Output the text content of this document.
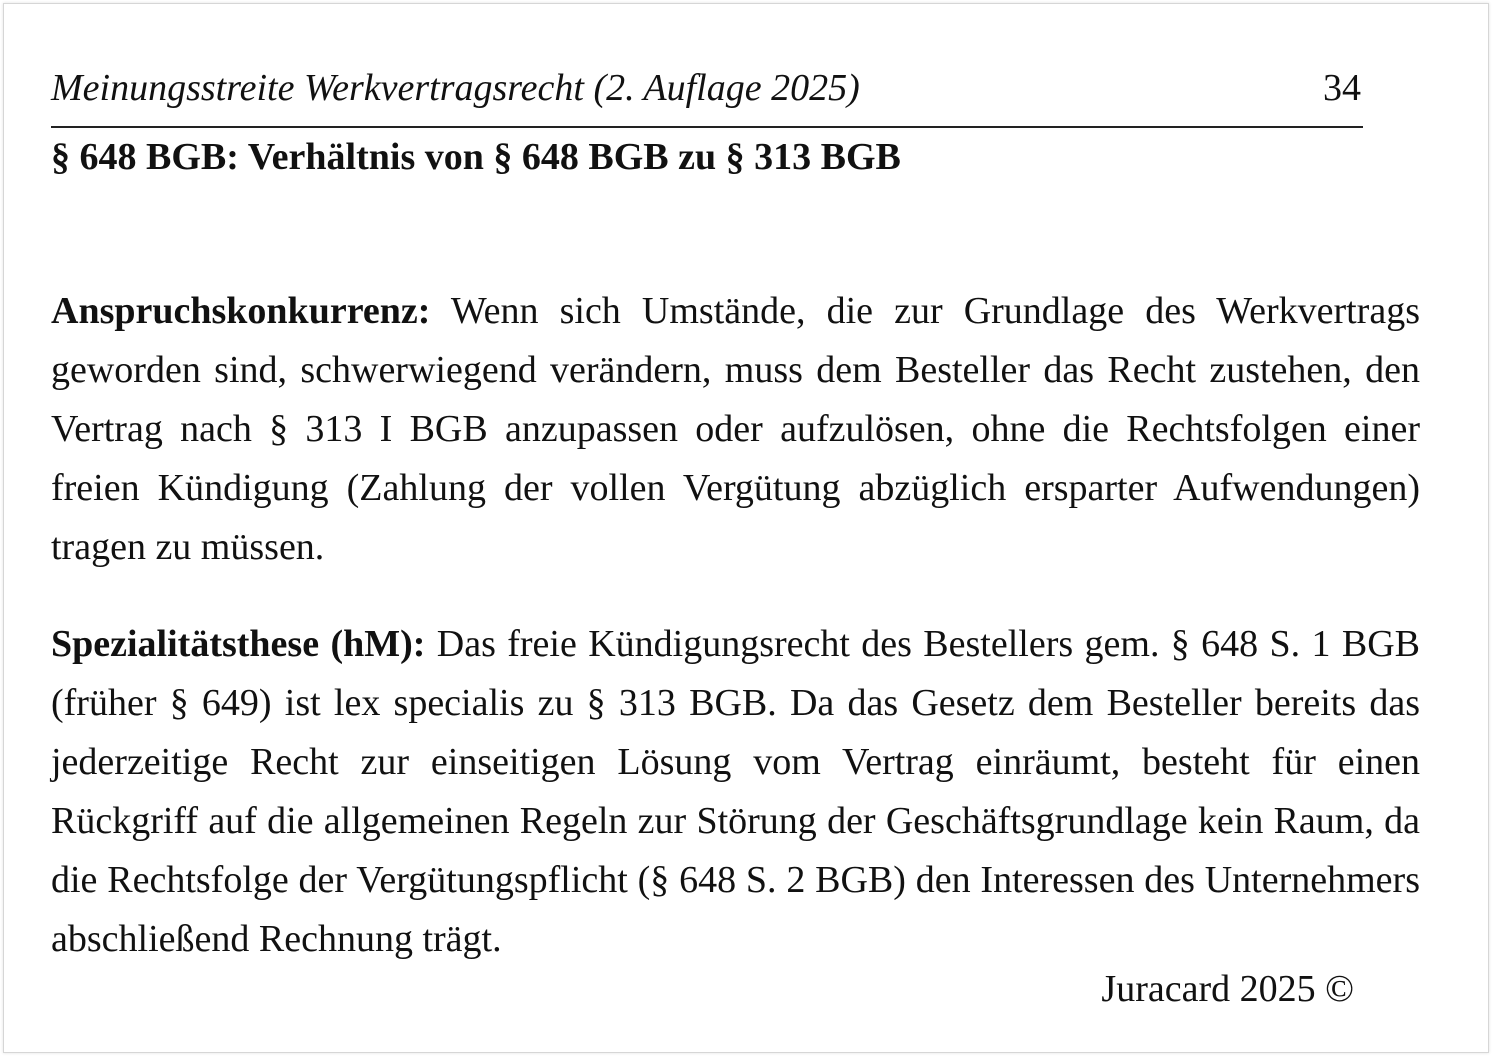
Meinungsstreite Werkvertragsrecht (2. Auflage 2025)	34
§ 648 BGB: Verhältnis von § 648 BGB zu § 313 BGB

Anspruchskonkurrenz: Wenn sich Umstände, die zur Grundlage des Werkvertrags geworden sind, schwerwiegend verändern, muss dem Besteller das Recht zustehen, den Vertrag nach § 313 I BGB anzupassen oder aufzulösen, ohne die Rechtsfolgen einer freien Kündigung (Zahlung der vollen Vergütung abzüglich ersparter Aufwendungen) tragen zu müssen.

Spezialitätsthese (hM): Das freie Kündigungsrecht des Bestellers gem. § 648 S. 1 BGB (früher § 649) ist lex specialis zu § 313 BGB. Da das Gesetz dem Besteller bereits das jederzeitige Recht zur einseitigen Lösung vom Vertrag einräumt, besteht für einen Rückgriff auf die allgemeinen Regeln zur Störung der Geschäftsgrundlage kein Raum, da die Rechtsfolge der Vergütungspflicht (§ 648 S. 2 BGB) den Interessen des Unternehmers abschließend Rechnung trägt.

Juracard 2025 ©
